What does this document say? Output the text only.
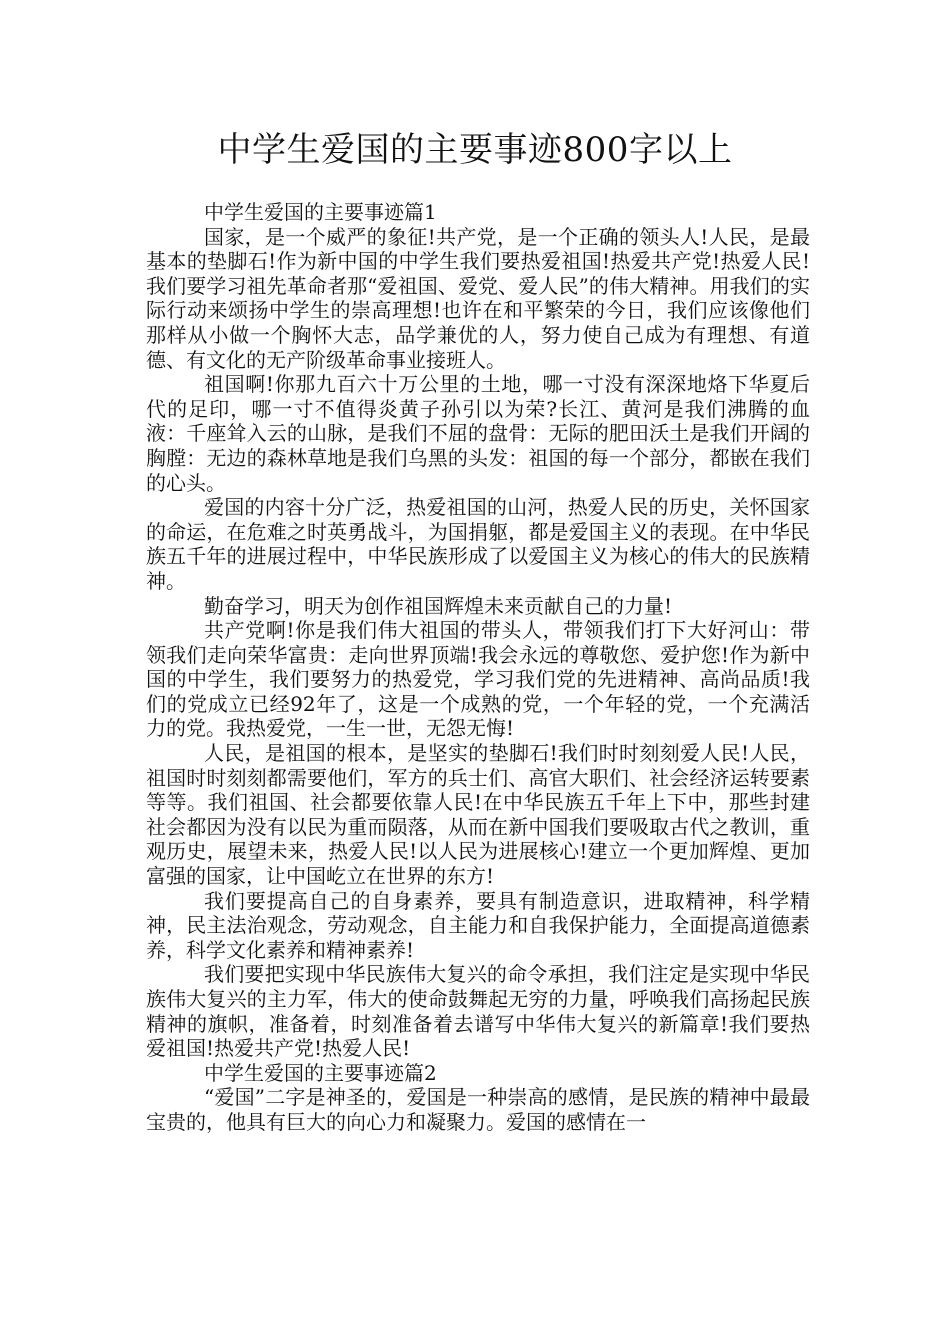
中学生爱国的主要事迹800字以上

中学生爱国的主要事迹篇1

国家，是一个威严的象征!共产党，是一个正确的领头人!人民，是最基本的垫脚石!作为新中国的中学生我们要热爱祖国!热爱共产党!热爱人民!我们要学习祖先革命者那“爱祖国、爱党、爱人民”的伟大精神。用我们的实际行动来颂扬中学生的崇高理想!也许在和平繁荣的今日，我们应该像他们那样从小做一个胸怀大志，品学兼优的人，努力使自己成为有理想、有道德、有文化的无产阶级革命事业接班人。

祖国啊!你那九百六十万公里的土地，哪一寸没有深深地烙下华夏后代的足印，哪一寸不值得炎黄子孙引以为荣?长江、黄河是我们沸腾的血液：千座耸入云的山脉，是我们不屈的盘骨：无际的肥田沃土是我们开阔的胸膛：无边的森林草地是我们乌黑的头发：祖国的每一个部分，都嵌在我们的心头。

爱国的内容十分广泛，热爱祖国的山河，热爱人民的历史，关怀国家的命运，在危难之时英勇战斗，为国捐躯，都是爱国主义的表现。在中华民族五千年的进展过程中，中华民族形成了以爱国主义为核心的伟大的民族精神。

勤奋学习，明天为创作祖国辉煌未来贡献自己的力量!

共产党啊!你是我们伟大祖国的带头人，带领我们打下大好河山：带领我们走向荣华富贵：走向世界顶端!我会永远的尊敬您、爱护您!作为新中国的中学生，我们要努力的热爱党，学习我们党的先进精神、高尚品质!我们的党成立已经92年了，这是一个成熟的党，一个年轻的党，一个充满活力的党。我热爱党，一生一世，无怨无悔!

人民，是祖国的根本，是坚实的垫脚石!我们时时刻刻爱人民!人民，祖国时时刻刻都需要他们，军方的兵士们、高官大职们、社会经济运转要素等等。我们祖国、社会都要依靠人民!在中华民族五千年上下中，那些封建社会都因为没有以民为重而陨落，从而在新中国我们要吸取古代之教训，重观历史，展望未来，热爱人民!以人民为进展核心!建立一个更加辉煌、更加富强的国家，让中国屹立在世界的东方!

我们要提高自己的自身素养，要具有制造意识，进取精神，科学精神，民主法治观念，劳动观念，自主能力和自我保护能力，全面提高道德素养，科学文化素养和精神素养!

我们要把实现中华民族伟大复兴的命令承担，我们注定是实现中华民族伟大复兴的主力军，伟大的使命鼓舞起无穷的力量，呼唤我们高扬起民族精神的旗帜，准备着，时刻准备着去谱写中华伟大复兴的新篇章!我们要热爱祖国!热爱共产党!热爱人民!

中学生爱国的主要事迹篇2

“爱国”二字是神圣的，爱国是一种崇高的感情，是民族的精神中最最宝贵的，他具有巨大的向心力和凝聚力。爱国的感情在一
